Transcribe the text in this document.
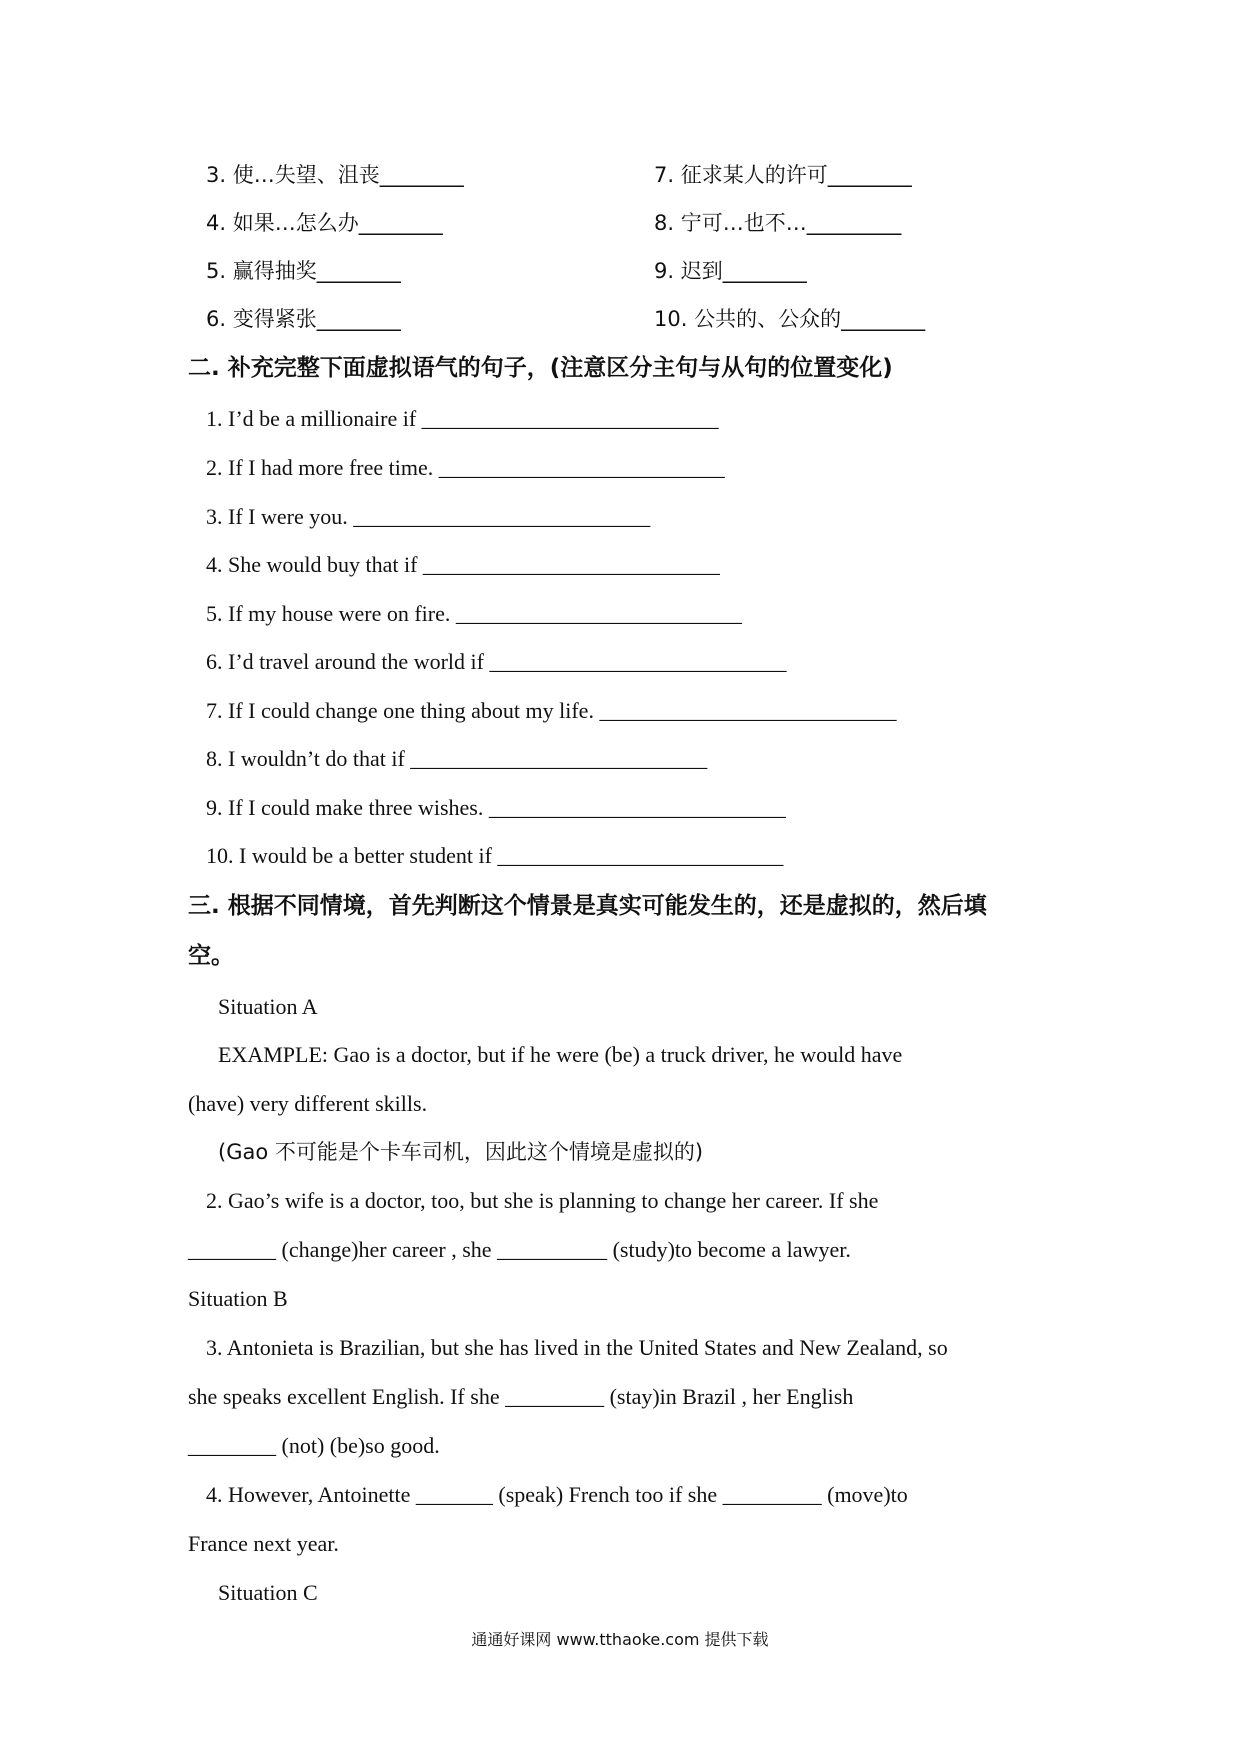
3. 使…失望、沮丧________
4. 如果…怎么办________
5. 赢得抽奖________
6. 变得紧张________
7. 征求某人的许可________
8. 宁可…也不…_________
9. 迟到________
10. 公共的、公众的________
二. 补充完整下面虚拟语气的句子，(注意区分主句与从句的位置变化)
1. I’d be a millionaire if ___________________________
2. If I had more free time. __________________________
3. If I were you. ___________________________
4. She would buy that if ___________________________
5. If my house were on fire. __________________________
6. I’d travel around the world if ___________________________
7. If I could change one thing about my life. ___________________________
8. I wouldn’t do that if ___________________________
9. If I could make three wishes. ___________________________
10. I would be a better student if __________________________
三. 根据不同情境，首先判断这个情景是真实可能发生的，还是虚拟的，然后填
空。
Situation A
EXAMPLE: Gao is a doctor, but if he were (be) a truck driver, he would have
(have) very different skills.
(Gao 不可能是个卡车司机，因此这个情境是虚拟的)
2. Gao’s wife is a doctor, too, but she is planning to change her career. If she
________ (change)her career , she __________ (study)to become a lawyer.
Situation B
3. Antonieta is Brazilian, but she has lived in the United States and New Zealand, so
she speaks excellent English. If she _________ (stay)in Brazil , her English
________ (not) (be)so good.
4. However, Antoinette _______ (speak) French too if she _________ (move)to
France next year.
Situation C
通通好课网 www.tthaoke.com 提供下载
